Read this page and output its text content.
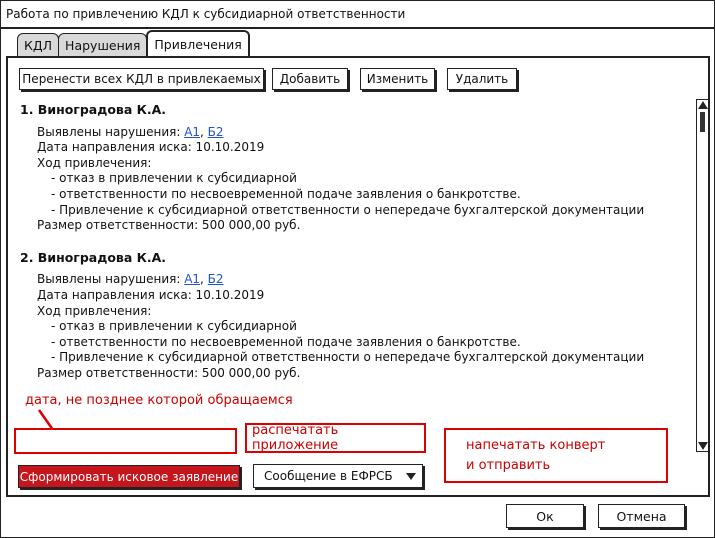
Работа по привлечению КДЛ к субсидиарной ответственности
КДЛ Нарушения Привлечения
Перенести всех КДЛ в привлекаемых	Добавить	Изменить	Удалить
1. Виноградова К.А.
Выявлены нарушения: А1, Б2
Дата направления иска: 10.10.2019
Ход привлечения:
- отказ в привлечении к субсидиарной
- ответственности по несвоевременной подаче заявления о банкротстве.
- Привлечение к субсидиарной ответственности о непередаче бухгалтерской документации
Размер ответственности: 500 000,00 руб.
2. Виноградова К.А.
Выявлены нарушения: А1, Б2
Дата направления иска: 10.10.2019
Ход привлечения:
- отказ в привлечении к субсидиарной
- ответственности по несвоевременной подаче заявления о банкротстве.
- Привлечение к субсидиарной ответственности о непередаче бухгалтерской документации
Размер ответственности: 500 000,00 руб.
дата, не позднее которой обращаемся
распечатать приложение	напечатать конверт
и отправить
Сформировать исковое заявление Сообщение в ЕФРСБ
Ок	Отмена
